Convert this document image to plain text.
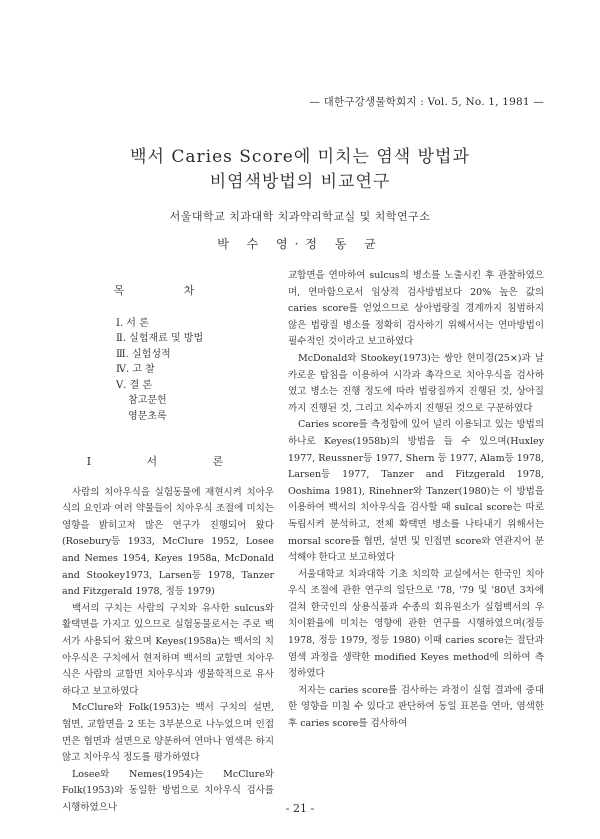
— 대한구강생물학회지 : Vol. 5, No. 1, 1981 —
백서 Caries Score에 미치는 염색 방법과
비염색방법의 비교연구
서울대학교 치과대학 치과약리학교실 및 치학연구소
박 수 영·정 동 균
목 차
Ⅰ. 서 론
Ⅱ. 실험재료 및 방법
Ⅲ. 실험성적
Ⅳ. 고 찰
Ⅴ. 결 론
참고문헌
영문초록
Ⅰ 서 론

사람의 치아우식을 실험동물에 재현시켜 치아우식의 요인과 여러 약물들이 치아우식 조절에 미치는 영향을 밝히고저 많은 연구가 진행되어 왔다 (Rosebury등 1933, McClure 1952, Losee and Nemes 1954, Keyes 1958a, McDonald and Stookey1973, Larsen등 1978, Tanzer and Fitzgerald 1978, 정등 1979)

백서의 구치는 사람의 구치와 유사한 sulcus와 활택면을 가지고 있으므로 실험동물로서는 주로 백서가 사용되어 왔으며 Keyes(1958a)는 백서의 치아우식은 구치에서 현저하며 백서의 교합면 치아우식은 사람의 교합면 치아우식과 생물학적으로 유사하다고 보고하였다

McClure와 Folk(1953)는 백서 구치의 설면, 협면, 교합면을 2 또는 3부분으로 나누었으며 인접면은 협면과 설면으로 양분하여 연마나 염색은 하지 않고 치아우식 정도를 평가하였다

Losee와 Nemes(1954)는 McClure와 Folk(1953)와 동일한 방법으로 치아우식 검사를 시행하였으나

교합면을 연마하여 sulcus의 병소를 노출시킨 후 관찰하였으며, 연마함으로서 임상적 검사방법보다 20% 높은 값의 caries score를 얻었으므로 상아법랑질 경계까지 침범하지 않은 법랑질 병소를 정확히 검사하기 위해서서는 연마방법이 필수적인 것이라고 보고하였다

McDonald와 Stookey(1973)는 쌍안 현미경(25×)과 날카로운 탐침을 이용하여 시각과 촉각으로 치아우식을 검사하였고 병소는 진행 정도에 따라 법랑질까지 진행된 것, 상아질까지 진행된 것, 그리고 치수까지 진행된 것으로 구분하였다

Caries score를 측정함에 있어 널리 이용되고 있는 방법의 하나로 Keyes(1958b)의 방법을 들 수 있으며(Huxley 1977, Reussner등 1977, Shern 등 1977, Alam등 1978, Larsen등 1977, Tanzer and Fitzgerald 1978, Ooshima 1981), Rinehner와 Tanzer(1980)는 이 방법을 이용하여 백서의 치아우식을 검사할 때 sulcal score는 따로 독립시켜 분석하고, 전체 확택면 병소를 나타내기 위해서는 morsal score를 협면, 설면 및 인접면 score와 연관지어 분석해야 한다고 보고하였다

서울대학교 치과대학 기초 치의학 교실에서는 한국인 치아우식 조절에 관한 연구의 일단으로 '78, '79 및 '80년 3차에 걸쳐 한국인의 상용식품과 수종의 회유원소가 실험백서의 우치이환율에 미치는 영향에 관한 연구를 시행하였으며(정등 1978, 정등 1979, 정등 1980) 이때 caries score는 절단과 염색 과정을 생략한 modified Keyes method에 의하여 측정하였다

저자는 caries score를 검사하는 과정이 실험 결과에 중대한 영향을 미칠 수 있다고 판단하여 동일 표본을 연마, 염색한 후 caries score를 검사하여

- 21 -
